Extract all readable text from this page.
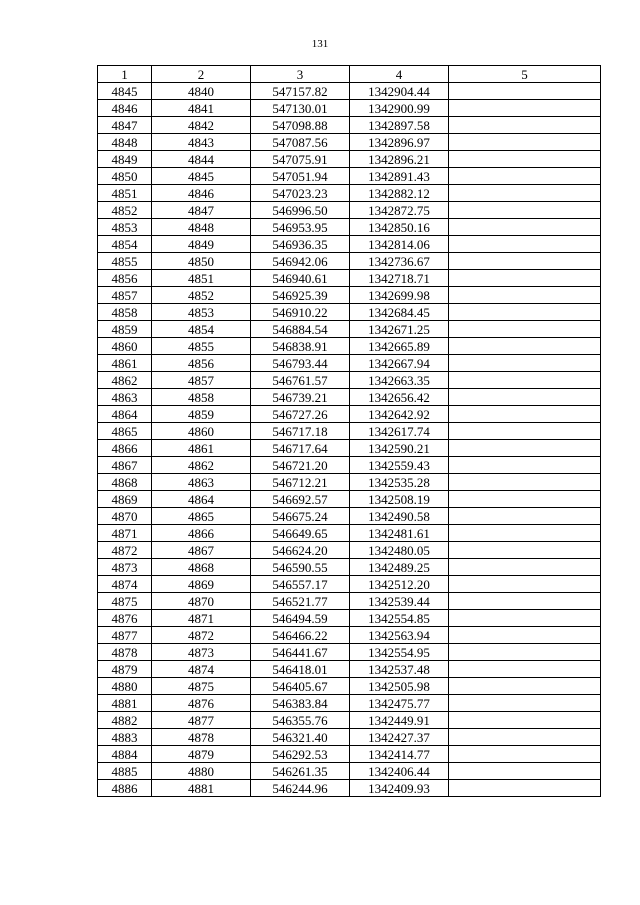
131
1	2	3	4	5
4845	4840	547157.82	1342904.44	
4846	4841	547130.01	1342900.99	
4847	4842	547098.88	1342897.58	
4848	4843	547087.56	1342896.97	
4849	4844	547075.91	1342896.21	
4850	4845	547051.94	1342891.43	
4851	4846	547023.23	1342882.12	
4852	4847	546996.50	1342872.75	
4853	4848	546953.95	1342850.16	
4854	4849	546936.35	1342814.06	
4855	4850	546942.06	1342736.67	
4856	4851	546940.61	1342718.71	
4857	4852	546925.39	1342699.98	
4858	4853	546910.22	1342684.45	
4859	4854	546884.54	1342671.25	
4860	4855	546838.91	1342665.89	
4861	4856	546793.44	1342667.94	
4862	4857	546761.57	1342663.35	
4863	4858	546739.21	1342656.42	
4864	4859	546727.26	1342642.92	
4865	4860	546717.18	1342617.74	
4866	4861	546717.64	1342590.21	
4867	4862	546721.20	1342559.43	
4868	4863	546712.21	1342535.28	
4869	4864	546692.57	1342508.19	
4870	4865	546675.24	1342490.58	
4871	4866	546649.65	1342481.61	
4872	4867	546624.20	1342480.05	
4873	4868	546590.55	1342489.25	
4874	4869	546557.17	1342512.20	
4875	4870	546521.77	1342539.44	
4876	4871	546494.59	1342554.85	
4877	4872	546466.22	1342563.94	
4878	4873	546441.67	1342554.95	
4879	4874	546418.01	1342537.48	
4880	4875	546405.67	1342505.98	
4881	4876	546383.84	1342475.77	
4882	4877	546355.76	1342449.91	
4883	4878	546321.40	1342427.37	
4884	4879	546292.53	1342414.77	
4885	4880	546261.35	1342406.44	
4886	4881	546244.96	1342409.93	
